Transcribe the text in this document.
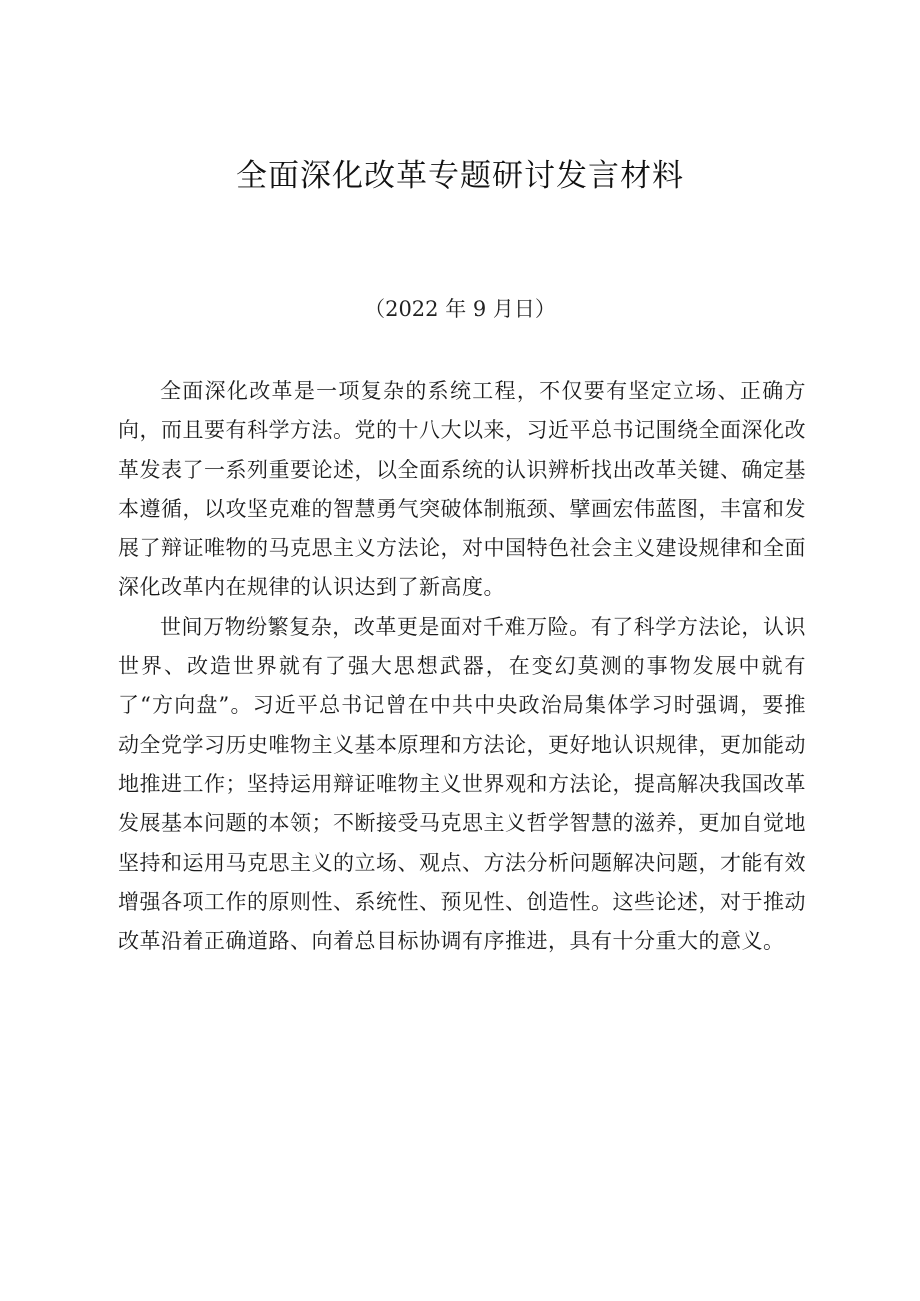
全面深化改革专题研讨发言材料

（2022 年 9 月日）

全面深化改革是一项复杂的系统工程，不仅要有坚定立场、正确方向，而且要有科学方法。党的十八大以来，习近平总书记围绕全面深化改革发表了一系列重要论述，以全面系统的认识辨析找出改革关键、确定基本遵循，以攻坚克难的智慧勇气突破体制瓶颈、擘画宏伟蓝图，丰富和发展了辩证唯物的马克思主义方法论，对中国特色社会主义建设规律和全面深化改革内在规律的认识达到了新高度。

世间万物纷繁复杂，改革更是面对千难万险。有了科学方法论，认识世界、改造世界就有了强大思想武器，在变幻莫测的事物发展中就有了“方向盘”。习近平总书记曾在中共中央政治局集体学习时强调，要推动全党学习历史唯物主义基本原理和方法论，更好地认识规律，更加能动地推进工作；坚持运用辩证唯物主义世界观和方法论，提高解决我国改革发展基本问题的本领；不断接受马克思主义哲学智慧的滋养，更加自觉地坚持和运用马克思主义的立场、观点、方法分析问题解决问题，才能有效增强各项工作的原则性、系统性、预见性、创造性。这些论述，对于推动改革沿着正确道路、向着总目标协调有序推进，具有十分重大的意义。
